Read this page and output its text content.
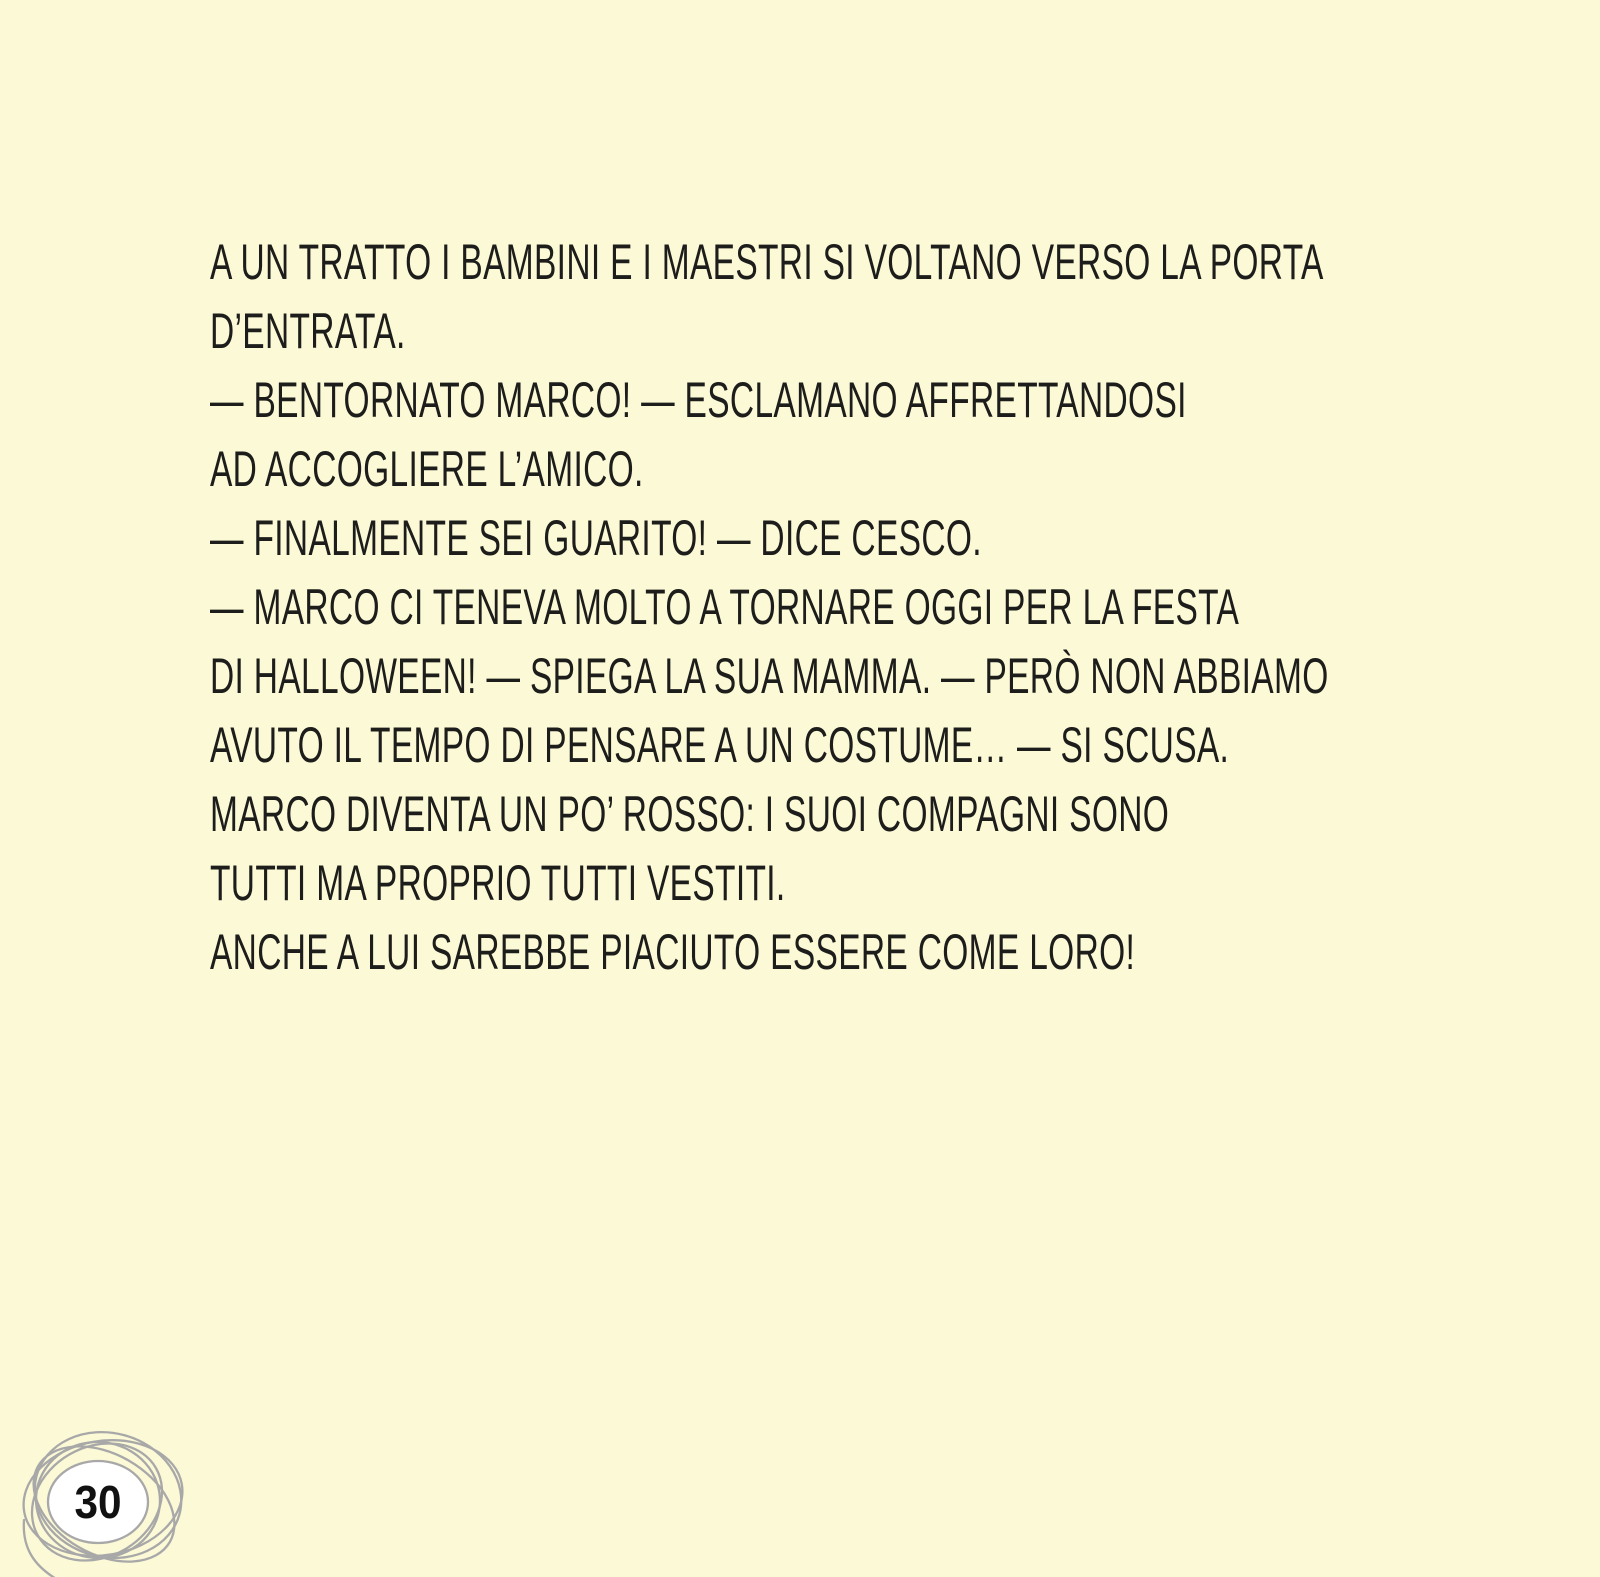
A UN TRATTO I BAMBINI E I MAESTRI SI VOLTANO VERSO LA PORTA

D’ENTRATA.

— BENTORNATO MARCO! — ESCLAMANO AFFRETTANDOSI

AD ACCOGLIERE L’AMICO.

— FINALMENTE SEI GUARITO! — DICE CESCO.

— MARCO CI TENEVA MOLTO A TORNARE OGGI PER LA FESTA

DI HALLOWEEN! — SPIEGA LA SUA MAMMA. — PERÒ NON ABBIAMO

AVUTO IL TEMPO DI PENSARE A UN COSTUME… — SI SCUSA.

MARCO DIVENTA UN PO’ ROSSO: I SUOI COMPAGNI SONO

TUTTI MA PROPRIO TUTTI VESTITI.

ANCHE A LUI SAREBBE PIACIUTO ESSERE COME LORO!

30
